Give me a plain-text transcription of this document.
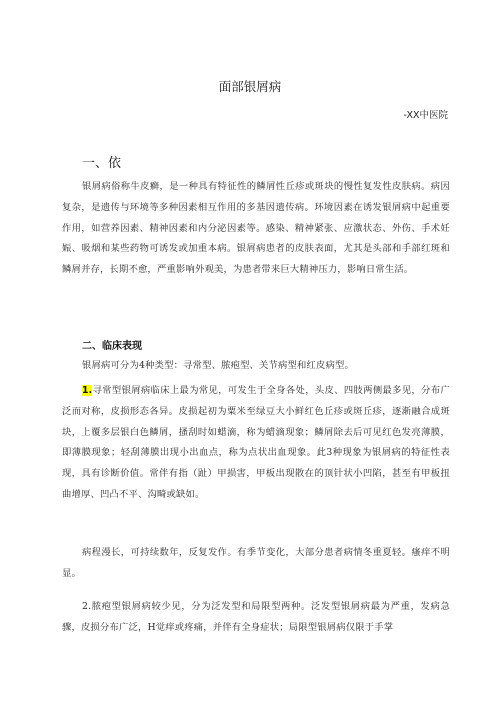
面部银屑病
-XX中医院
一、依

银屑病俗称牛皮癣，是一种具有特征性的鳞屑性丘疹或斑块的慢性复发性皮肤病。病因复杂，是遗传与环境等多种因素相互作用的多基因遗传病。环境因素在诱发银屑病中起重要作用，如营养因素、精神因素和内分泌因素等。感染、精神紧张、应激状态、外伤、手术妊娠、吸烟和某些药物可诱发或加重本病。银屑病患者的皮肤表面，尤其是头部和手部红斑和鳞屑并存，长期不愈，严重影响外观美，为患者带来巨大精神压力，影响日常生活。

二、临床表现

银屑病可分为4种类型：寻常型、脓疱型、关节病型和红皮病型。

1.寻常型银屑病临床上最为常见，可发生于全身各处，头皮、四肢两侧最多见，分布广泛而对称，皮损形态各异。皮损起初为粟米至绿豆大小鲜红色丘疹或斑丘疹，逐渐融合成斑块，上覆多层银白色鳞屑，搔刮时如蜡滴，称为蜡滴现象；鳞屑除去后可见红色发亮薄膜，即薄膜现象；轻刮薄膜出现小出血点，称为点状出血现象。此3种现象为银屑病的特征性表现，具有诊断价值。常伴有指（趾）甲损害，甲板出现散在的顶针状小凹陷，甚至有甲板扭曲增厚、凹凸不平、沟畸或缺如。

病程漫长，可持续数年，反复发作。有季节变化，大部分患者病情冬重夏轻。瘙痒不明显。

2.脓疱型银屑病较少见，分为泛发型和局限型两种。泛发型银屑病最为严重，发病急骤，皮损分布广泛，H觉痒或疼痛，并伴有全身症状；局限型银屑病仅限于手掌
